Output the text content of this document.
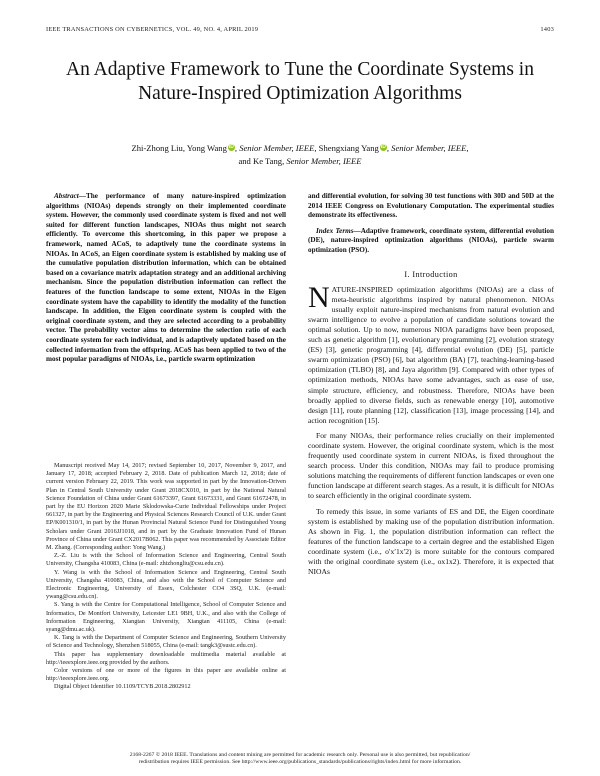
IEEE TRANSACTIONS ON CYBERNETICS, VOL. 49, NO. 4, APRIL 2019	1403
An Adaptive Framework to Tune the Coordinate Systems in Nature-Inspired Optimization Algorithms
Zhi-Zhong Liu, Yong Wang iD, Senior Member, IEEE, Shengxiang Yang iD, Senior Member, IEEE,
and Ke Tang, Senior Member, IEEE

Abstract—The performance of many nature-inspired optimization algorithms (NIOAs) depends strongly on their implemented coordinate system. However, the commonly used coordinate system is fixed and not well suited for different function landscapes, NIOAs thus might not search efficiently. To overcome this shortcoming, in this paper we propose a framework, named ACoS, to adaptively tune the coordinate systems in NIOAs. In ACoS, an Eigen coordinate system is established by making use of the cumulative population distribution information, which can be obtained based on a covariance matrix adaptation strategy and an additional archiving mechanism. Since the population distribution information can reflect the features of the function landscape to some extent, NIOAs in the Eigen coordinate system have the capability to identify the modality of the function landscape. In addition, the Eigen coordinate system is coupled with the original coordinate system, and they are selected according to a probability vector. The probability vector aims to determine the selection ratio of each coordinate system for each individual, and is adaptively updated based on the collected information from the offspring. ACoS has been applied to two of the most popular paradigms of NIOAs, i.e., particle swarm optimization

Manuscript received May 14, 2017; revised September 10, 2017, November 9, 2017, and January 17, 2018; accepted February 2, 2018. Date of publication March 12, 2018; date of current version February 22, 2019. This work was supported in part by the Innovation-Driven Plan in Central South University under Grant 2018CX010, in part by the National Natural Science Foundation of China under Grant 61673397, Grant 61673331, and Grant 61672478, in part by the EU Horizon 2020 Marie Sklodowska-Curie Individual Fellowships under Project 661327, in part by the Engineering and Physical Sciences Research Council of U.K. under Grant EP/K001310/1, in part by the Hunan Provincial Natural Science Fund for Distinguished Young Scholars under Grant 2016JJ1018, and in part by the Graduate Innovation Fund of Hunan Province of China under Grant CX2017B062. This paper was recommended by Associate Editor M. Zhang. (Corresponding author: Yong Wang.)

Z.-Z. Liu is with the School of Information Science and Engineering, Central South University, Changsha 410083, China (e-mail: zhizhongliu@csu.edu.cn).

Y. Wang is with the School of Information Science and Engineering, Central South University, Changsha 410083, China, and also with the School of Computer Science and Electronic Engineering, University of Essex, Colchester CO4 3SQ, U.K. (e-mail: ywang@csu.edu.cn).

S. Yang is with the Centre for Computational Intelligence, School of Computer Science and Informatics, De Montfort University, Leicester LE1 9BH, U.K., and also with the College of Information Engineering, Xiangtan University, Xiangtan 411105, China (e-mail: syang@dmu.ac.uk).

K. Tang is with the Department of Computer Science and Engineering, Southern University of Science and Technology, Shenzhen 518055, China (e-mail: tangk3@sustc.edu.cn).

This paper has supplementary downloadable multimedia material available at http://ieeexplore.ieee.org provided by the authors.

Color versions of one or more of the figures in this paper are available online at http://ieeexplore.ieee.org.

Digital Object Identifier 10.1109/TCYB.2018.2802912

and differential evolution, for solving 30 test functions with 30D and 50D at the 2014 IEEE Congress on Evolutionary Computation. The experimental studies demonstrate its effectiveness.

Index Terms—Adaptive framework, coordinate system, differential evolution (DE), nature-inspired optimization algorithms (NIOAs), particle swarm optimization (PSO).

I. Introduction

NATURE-INSPIRED optimization algorithms (NIOAs) are a class of meta-heuristic algorithms inspired by natural phenomenon. NIOAs usually exploit nature-inspired mechanisms from natural evolution and swarm intelligence to evolve a population of candidate solutions toward the optimal solution. Up to now, numerous NIOA paradigms have been proposed, such as genetic algorithm [1], evolutionary programming [2], evolution strategy (ES) [3], genetic programming [4], differential evolution (DE) [5], particle swarm optimization (PSO) [6], bat algorithm (BA) [7], teaching-learning-based optimization (TLBO) [8], and Jaya algorithm [9]. Compared with other types of optimization methods, NIOAs have some advantages, such as ease of use, simple structure, efficiency, and robustness. Therefore, NIOAs have been broadly applied to diverse fields, such as renewable energy [10], automotive design [11], route planning [12], classification [13], image processing [14], and action recognition [15].

For many NIOAs, their performance relies crucially on their implemented coordinate system. However, the original coordinate system, which is the most frequently used coordinate system in current NIOAs, is fixed throughout the search process. Under this condition, NIOAs may fail to produce promising solutions matching the requirements of different function landscapes or even one function landscape at different search stages. As a result, it is difficult for NIOAs to search efficiently in the original coordinate system.

To remedy this issue, in some variants of ES and DE, the Eigen coordinate system is established by making use of the population distribution information. As shown in Fig. 1, the population distribution information can reflect the features of the function landscape to a certain degree and the established Eigen coordinate system (i.e., o′x′1x′2) is more suitable for the contours compared with the original coordinate system (i.e., ox1x2). Therefore, it is expected that NIOAs

2168-2267 © 2018 IEEE. Translations and content mining are permitted for academic research only. Personal use is also permitted, but republication/
redistribution requires IEEE permission. See http://www.ieee.org/publications_standards/publications/rights/index.html for more information.
